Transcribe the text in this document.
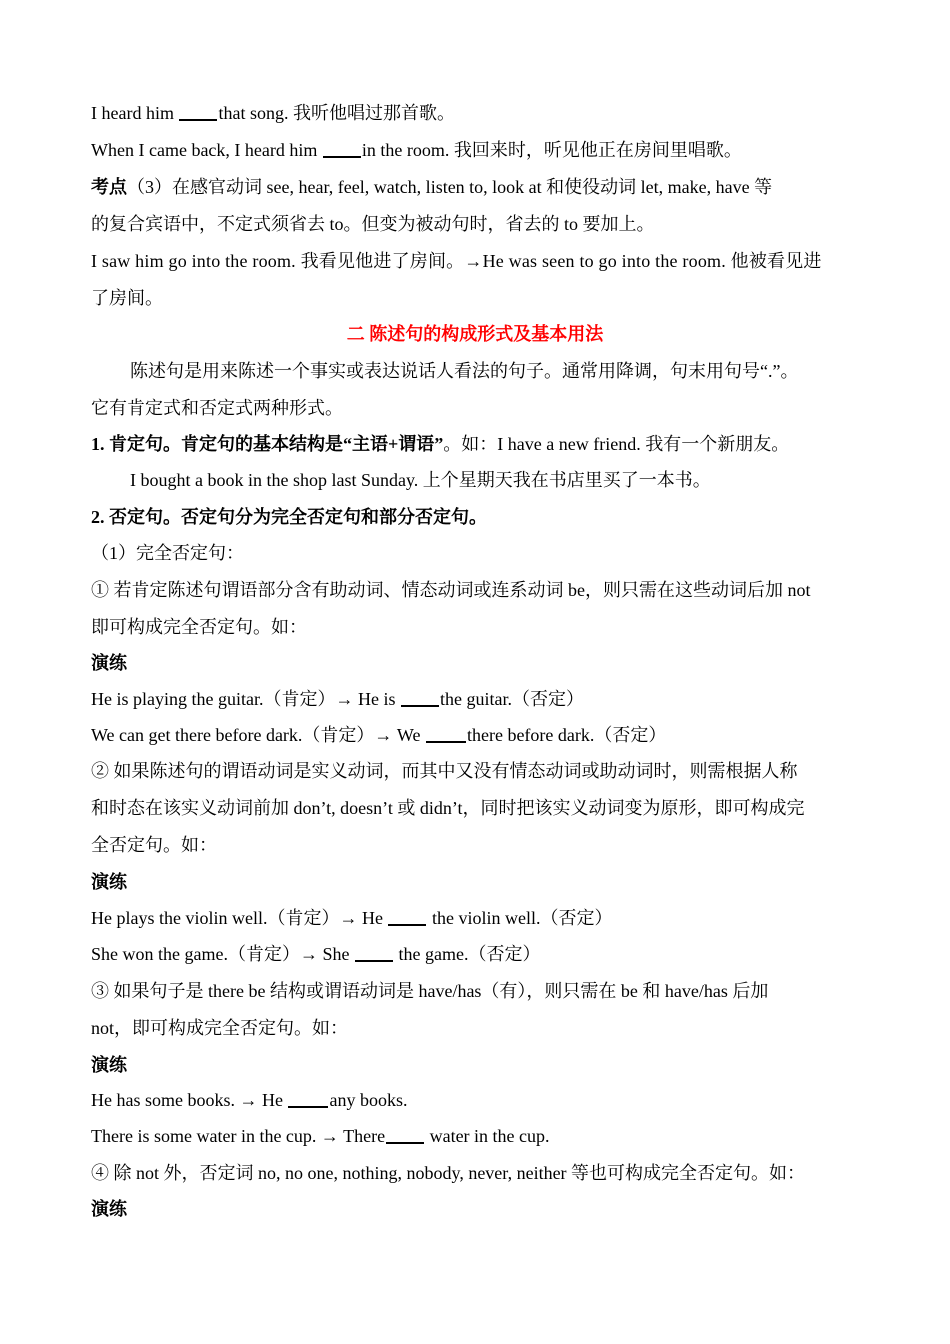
I heard him that song. 我听他唱过那首歌。
When I came back, I heard him in the room. 我回来时，听见他正在房间里唱歌。
考点（3）在感官动词 see, hear, feel, watch, listen to, look at 和使役动词 let, make, have 等
的复合宾语中，不定式须省去 to。但变为被动句时，省去的 to 要加上。
I saw him go into the room. 我看见他进了房间。→He was seen to go into the room. 他被看见进
了房间。
二 陈述句的构成形式及基本用法
陈述句是用来陈述一个事实或表达说话人看法的句子。通常用降调，句末用句号“.”。
它有肯定式和否定式两种形式。
1. 肯定句。肯定句的基本结构是“主语+谓语”。如：I have a new friend. 我有一个新朋友。
I bought a book in the shop last Sunday. 上个星期天我在书店里买了一本书。
2. 否定句。否定句分为完全否定句和部分否定句。
（1）完全否定句：
① 若肯定陈述句谓语部分含有助动词、情态动词或连系动词 be，则只需在这些动词后加 not
即可构成完全否定句。如：
演练
He is playing the guitar.（肯定）→ He is the guitar.（否定）
We can get there before dark.（肯定）→ We there before dark.（否定）
② 如果陈述句的谓语动词是实义动词，而其中又没有情态动词或助动词时，则需根据人称
和时态在该实义动词前加 don’t, doesn’t 或 didn’t，同时把该实义动词变为原形，即可构成完
全否定句。如：
演练
He plays the violin well.（肯定）→ He  the violin well.（否定）
She won the game.（肯定）→ She  the game.（否定）
③ 如果句子是 there be 结构或谓语动词是 have/has（有），则只需在 be 和 have/has 后加
not，即可构成完全否定句。如：
演练
He has some books. → He any books.
There is some water in the cup. → There water in the cup.
④ 除 not 外，否定词 no, no one, nothing, nobody, never, neither 等也可构成完全否定句。如：
演练
